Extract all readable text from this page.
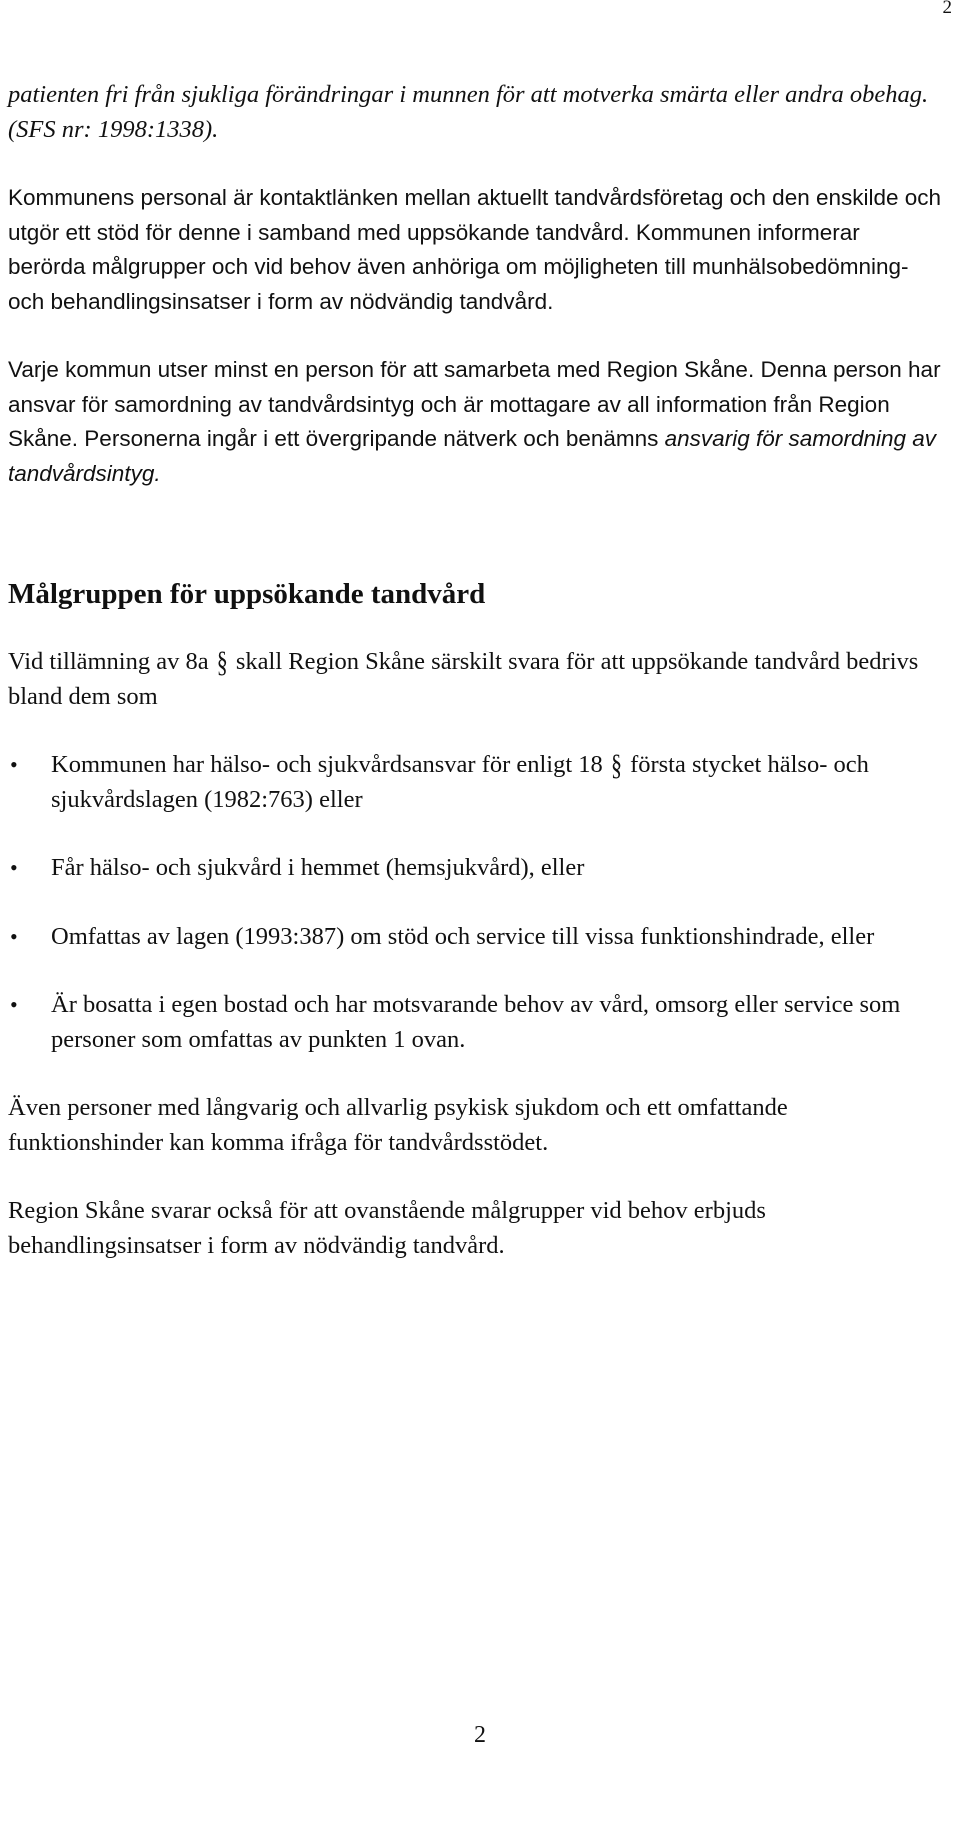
2

patienten fri från sjukliga förändringar i munnen för att motverka smärta eller andra obehag. (SFS nr: 1998:1338).

Kommunens personal är kontaktlänken mellan aktuellt tandvårdsföretag och den enskilde och utgör ett stöd för denne i samband med uppsökande tandvård. Kommunen informerar berörda målgrupper och vid behov även anhöriga om möjligheten till munhälsobedömning- och behandlingsinsatser i form av nödvändig tandvård.

Varje kommun utser minst en person för att samarbeta med Region Skåne. Denna person har ansvar för samordning av tandvårdsintyg och är mottagare av all information från Region Skåne. Personerna ingår i ett övergripande nätverk och benämns ansvarig för samordning av tandvårdsintyg.

Målgruppen för uppsökande tandvård

Vid tillämning av 8a § skall Region Skåne särskilt svara för att uppsökande tandvård bedrivs bland dem som

• Kommunen har hälso- och sjukvårdsansvar för enligt 18 § första stycket hälso- och sjukvårdslagen (1982:763) eller
• Får hälso- och sjukvård i hemmet (hemsjukvård), eller
• Omfattas av lagen (1993:387) om stöd och service till vissa funktionshindrade, eller
• Är bosatta i egen bostad och har motsvarande behov av vård, omsorg eller service som personer som omfattas av punkten 1 ovan.

Även personer med långvarig och allvarlig psykisk sjukdom och ett omfattande funktionshinder kan komma ifråga för tandvårdsstödet.

Region Skåne svarar också för att ovanstående målgrupper vid behov erbjuds behandlingsinsatser i form av nödvändig tandvård.

2
